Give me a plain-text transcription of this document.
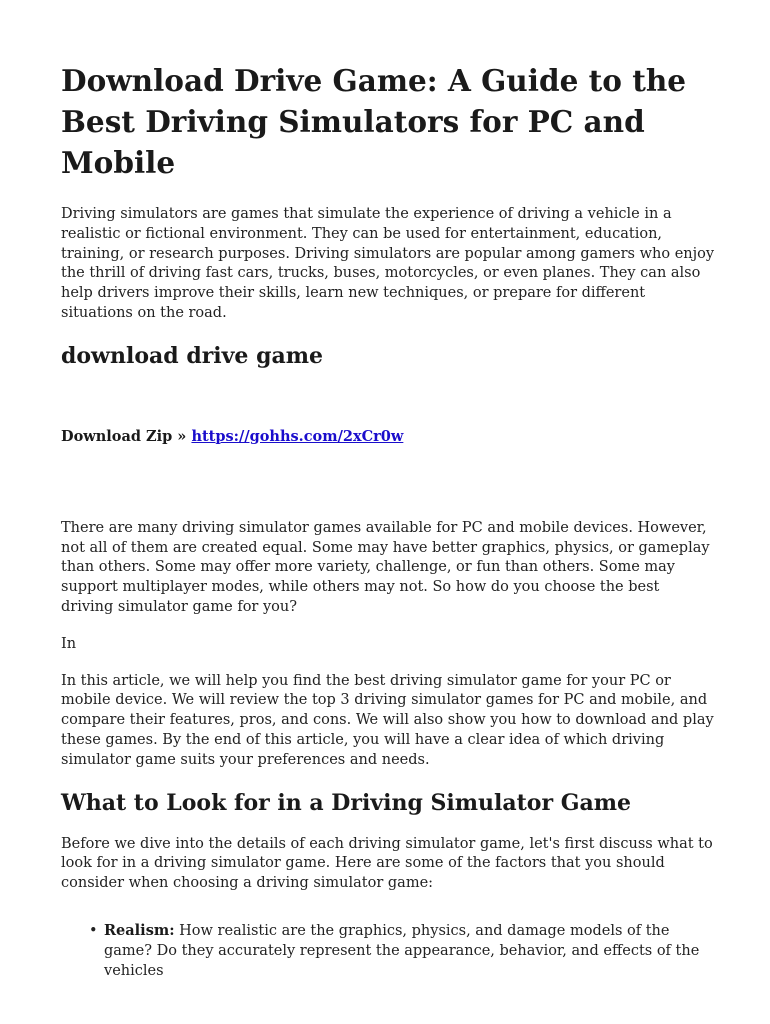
Download Drive Game: A Guide to the Best Driving Simulators for PC and Mobile

Driving simulators are games that simulate the experience of driving a vehicle in a realistic or fictional environment. They can be used for entertainment, education, training, or research purposes. Driving simulators are popular among gamers who enjoy the thrill of driving fast cars, trucks, buses, motorcycles, or even planes. They can also help drivers improve their skills, learn new techniques, or prepare for different situations on the road.

download drive game
Download Zip » https://gohhs.com/2xCr0w

There are many driving simulator games available for PC and mobile devices. However, not all of them are created equal. Some may have better graphics, physics, or gameplay than others. Some may offer more variety, challenge, or fun than others. Some may support multiplayer modes, while others may not. So how do you choose the best driving simulator game for you?

In

In this article, we will help you find the best driving simulator game for your PC or mobile device. We will review the top 3 driving simulator games for PC and mobile, and compare their features, pros, and cons. We will also show you how to download and play these games. By the end of this article, you will have a clear idea of which driving simulator game suits your preferences and needs.

What to Look for in a Driving Simulator Game

Before we dive into the details of each driving simulator game, let's first discuss what to look for in a driving simulator game. Here are some of the factors that you should consider when choosing a driving simulator game:

• Realism: How realistic are the graphics, physics, and damage models of the game? Do they accurately represent the appearance, behavior, and effects of the vehicles
